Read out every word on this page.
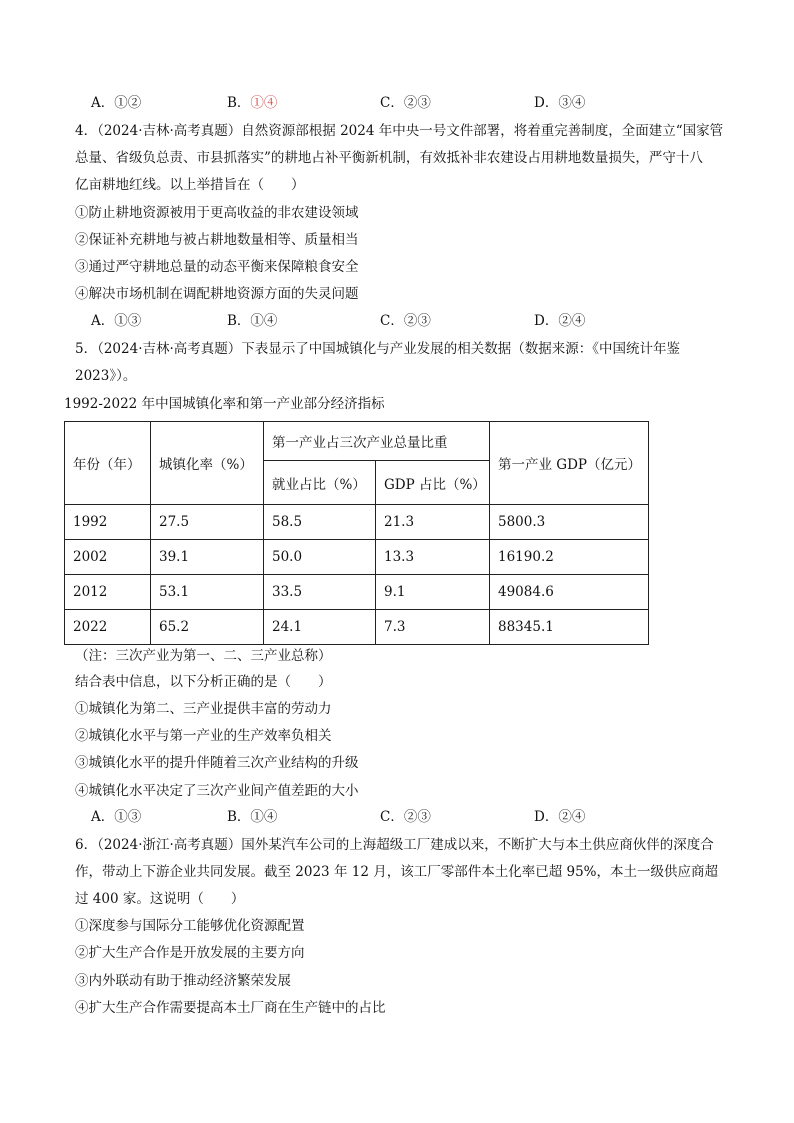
A．①②	B．①④	C．②③	D．③④
4．（2024·吉林·高考真题）自然资源部根据 2024 年中央一号文件部署，将着重完善制度，全面建立“国家管
总量、省级负总责、市县抓落实”的耕地占补平衡新机制，有效抵补非农建设占用耕地数量损失，严守十八
亿亩耕地红线。以上举措旨在（　　）
①防止耕地资源被用于更高收益的非农建设领域
②保证补充耕地与被占耕地数量相等、质量相当
③通过严守耕地总量的动态平衡来保障粮食安全
④解决市场机制在调配耕地资源方面的失灵问题
A．①③	B．①④	C．②③	D．②④
5．（2024·吉林·高考真题）下表显示了中国城镇化与产业发展的相关数据（数据来源：《中国统计年鉴
2023》）。
1992-2022 年中国城镇化率和第一产业部分经济指标
年份（年）	城镇化率（%）	第一产业占三次产业总量比重		第一产业 GDP（亿元）
		就业占比（%）	GDP 占比（%）	
1992	27.5	58.5	21.3	5800.3
2002	39.1	50.0	13.3	16190.2
2012	53.1	33.5	9.1	49084.6
2022	65.2	24.1	7.3	88345.1
（注：三次产业为第一、二、三产业总称）
结合表中信息，以下分析正确的是（　　）
①城镇化为第二、三产业提供丰富的劳动力
②城镇化水平与第一产业的生产效率负相关
③城镇化水平的提升伴随着三次产业结构的升级
④城镇化水平决定了三次产业间产值差距的大小
A．①③	B．①④	C．②③	D．②④
6．（2024·浙江·高考真题）国外某汽车公司的上海超级工厂建成以来，不断扩大与本土供应商伙伴的深度合
作，带动上下游企业共同发展。截至 2023 年 12 月，该工厂零部件本土化率已超 95%，本土一级供应商超
过 400 家。这说明（　　）
①深度参与国际分工能够优化资源配置
②扩大生产合作是开放发展的主要方向
③内外联动有助于推动经济繁荣发展
④扩大生产合作需要提高本土厂商在生产链中的占比
